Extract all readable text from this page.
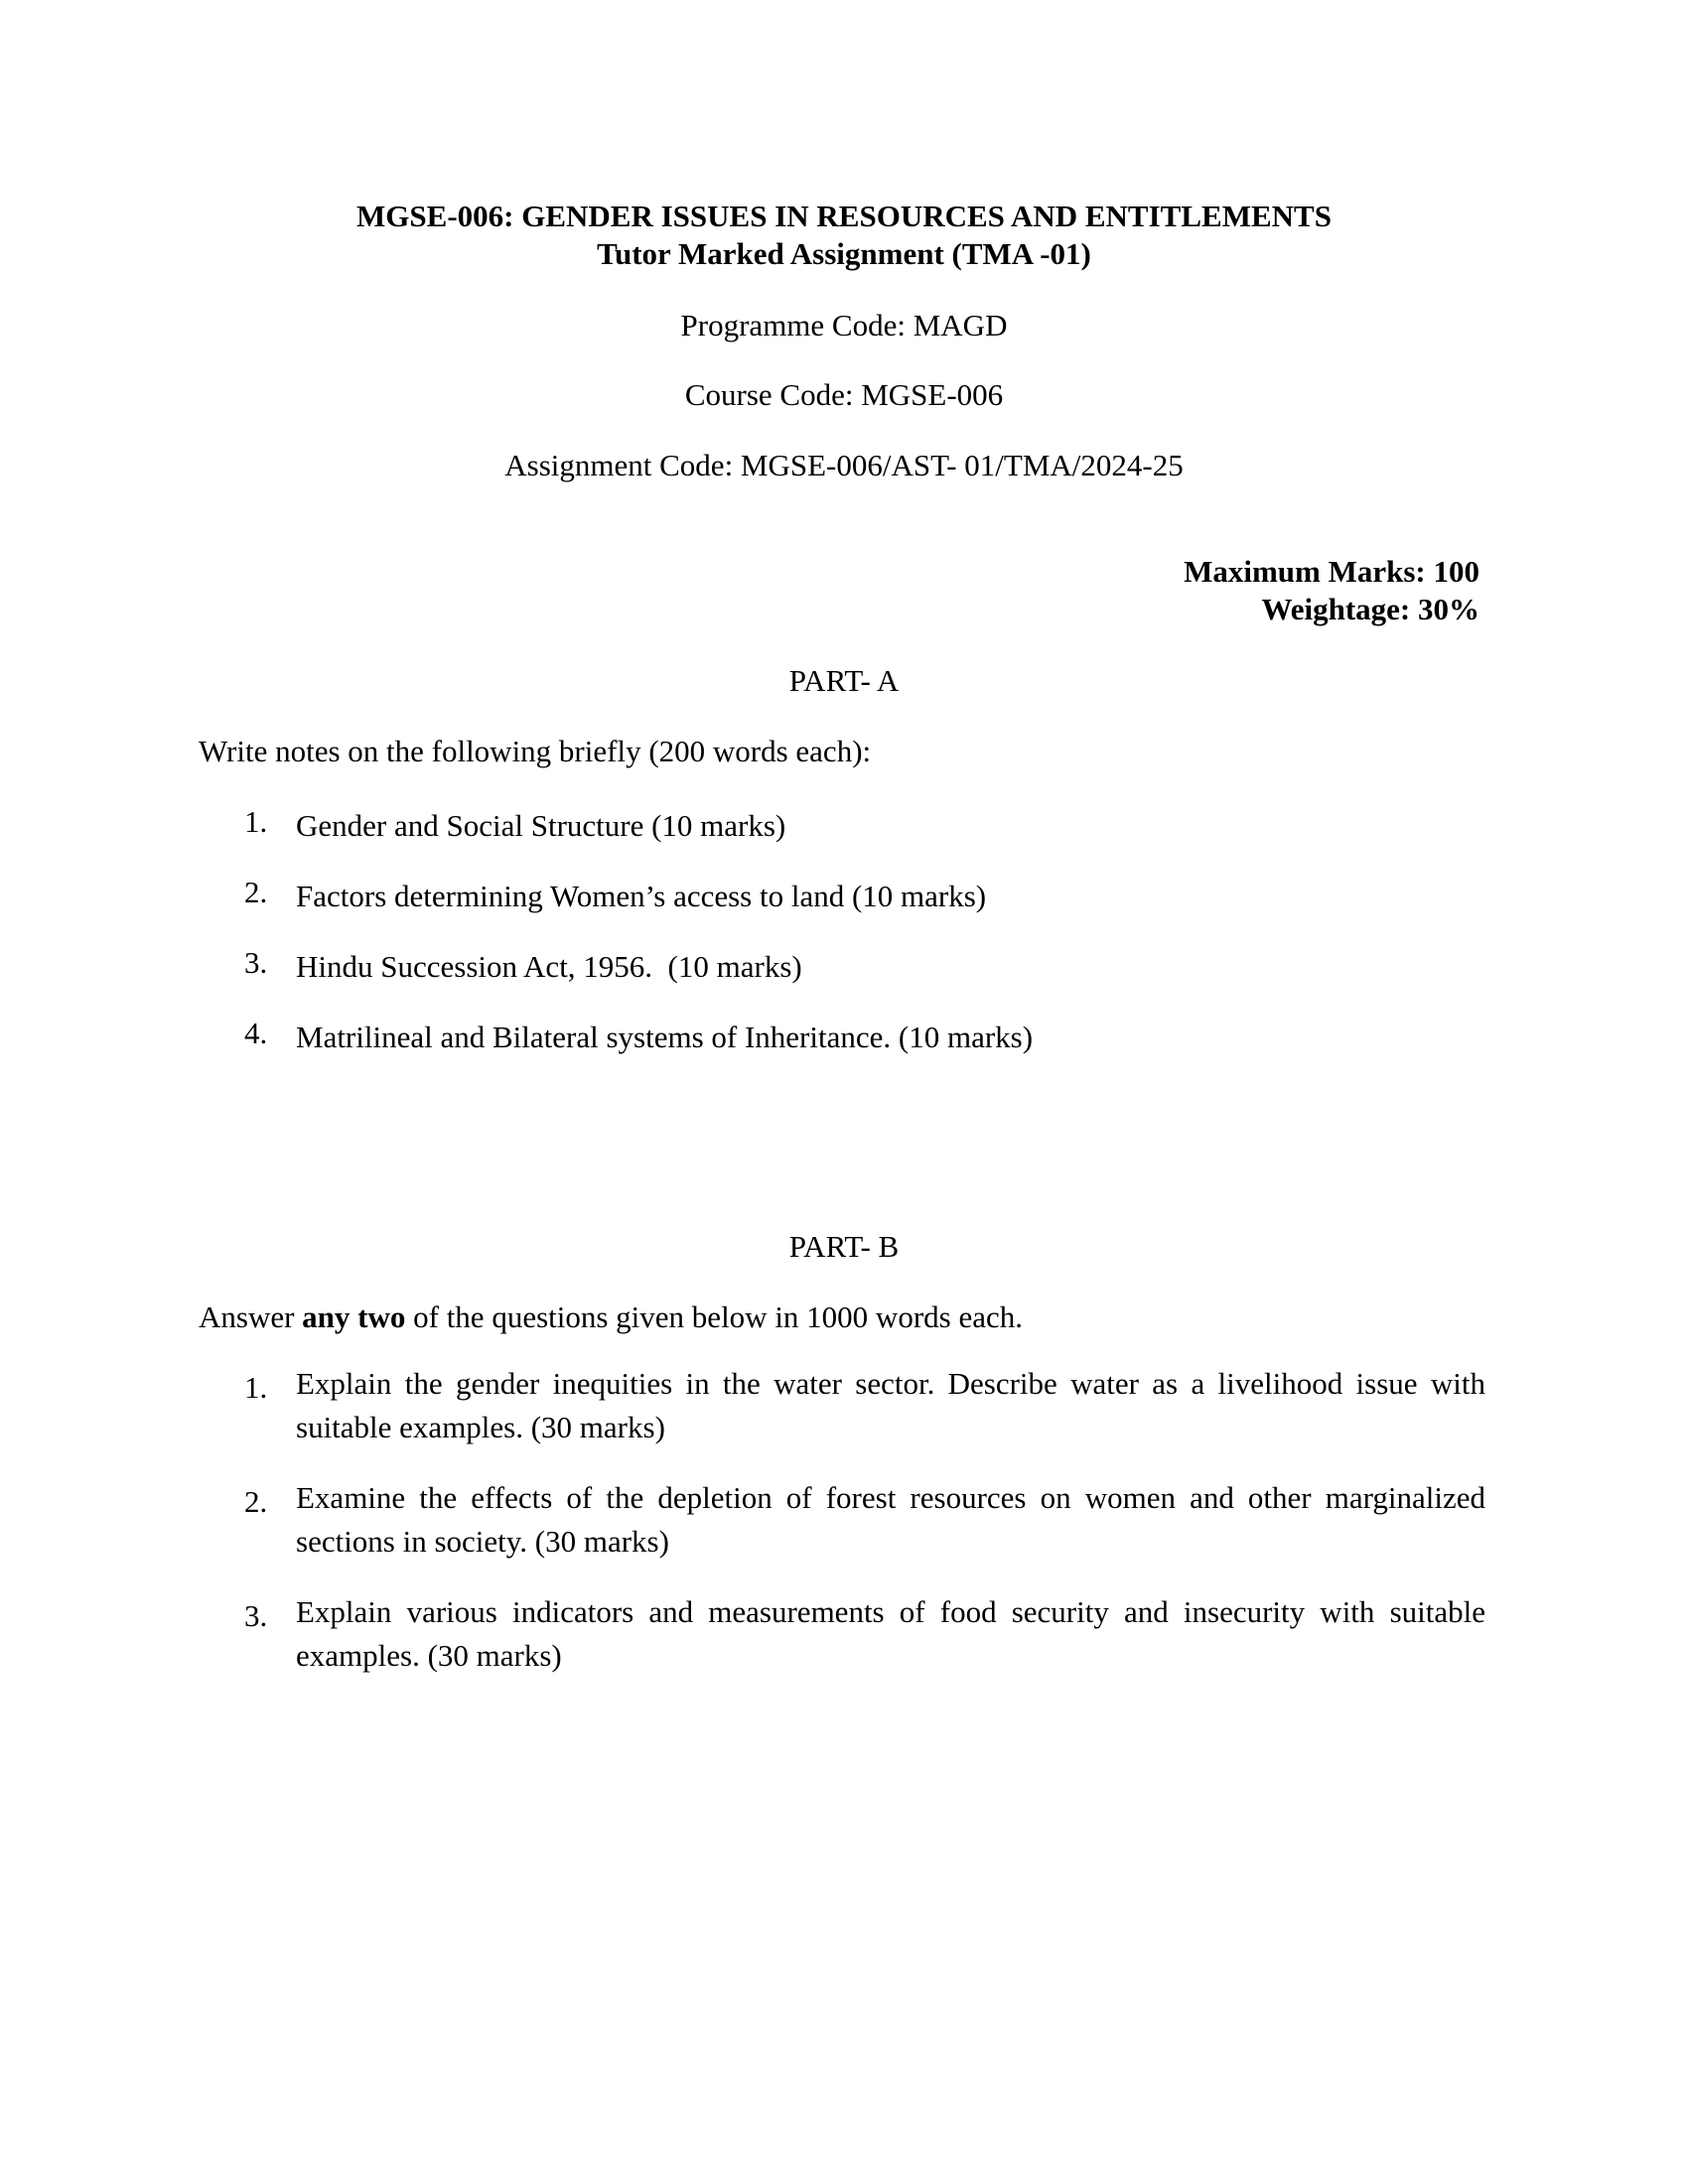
MGSE-006: GENDER ISSUES IN RESOURCES AND ENTITLEMENTS
Tutor Marked Assignment (TMA -01)
Programme Code: MAGD
Course Code: MGSE-006
Assignment Code: MGSE-006/AST- 01/TMA/2024-25
Maximum Marks: 100
Weightage: 30%
PART- A
Write notes on the following briefly (200 words each):
1. Gender and Social Structure (10 marks)
2. Factors determining Women’s access to land (10 marks)
3. Hindu Succession Act, 1956.  (10 marks)
4. Matrilineal and Bilateral systems of Inheritance. (10 marks)
PART- B
Answer any two of the questions given below in 1000 words each.
1. Explain the gender inequities in the water sector. Describe water as a livelihood issue with suitable examples. (30 marks)
2. Examine the effects of the depletion of forest resources on women and other marginalized sections in society. (30 marks)
3. Explain various indicators and measurements of food security and insecurity with suitable examples. (30 marks)
